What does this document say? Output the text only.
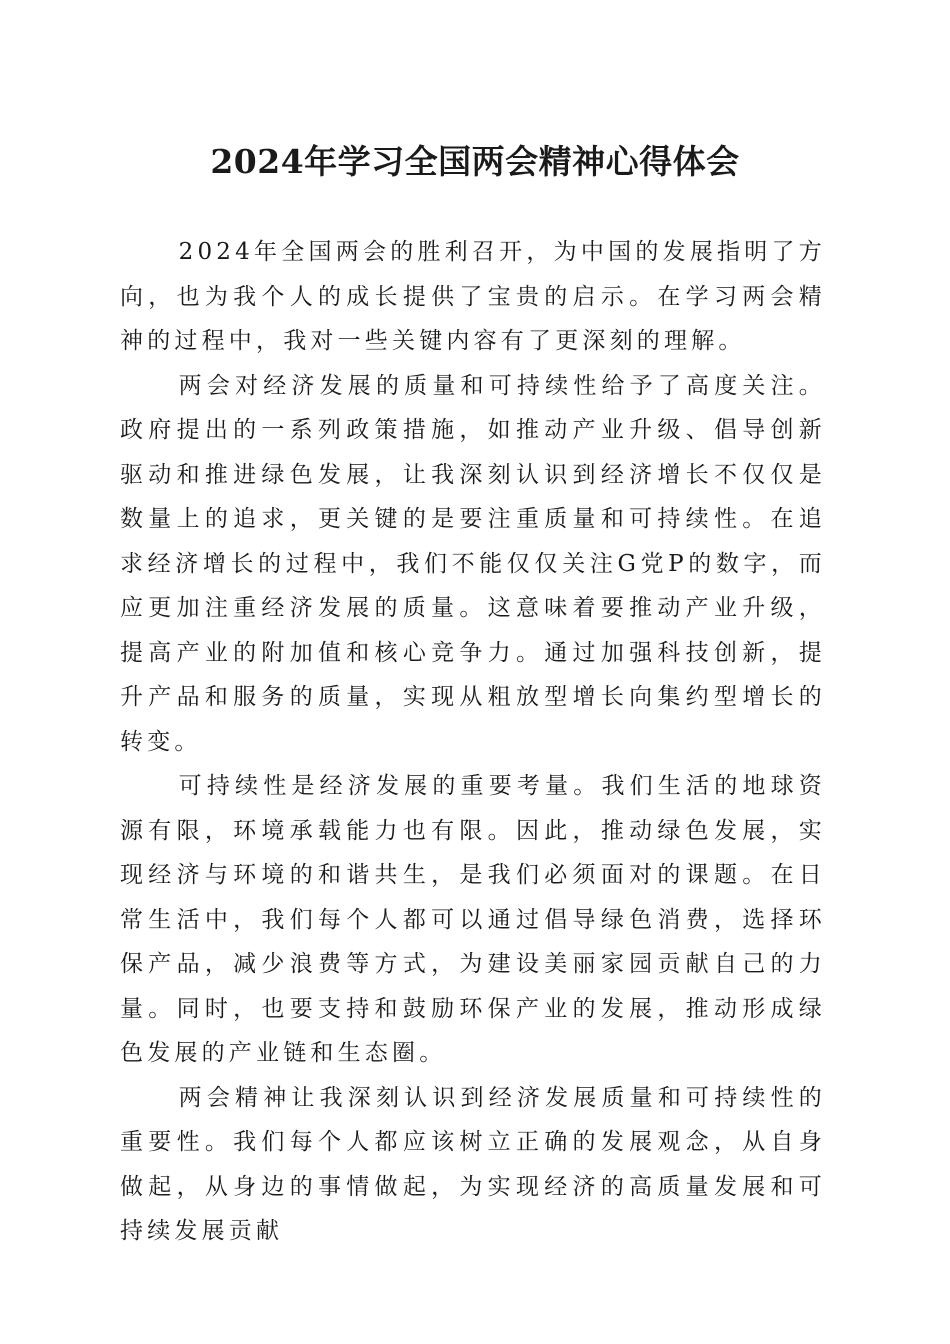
2024年学习全国两会精神心得体会

2024年全国两会的胜利召开，为中国的发展指明了方向，也为我个人的成长提供了宝贵的启示。在学习两会精神的过程中，我对一些关键内容有了更深刻的理解。

两会对经济发展的质量和可持续性给予了高度关注。政府提出的一系列政策措施，如推动产业升级、倡导创新驱动和推进绿色发展，让我深刻认识到经济增长不仅仅是数量上的追求，更关键的是要注重质量和可持续性。在追求经济增长的过程中，我们不能仅仅关注G党P的数字，而应更加注重经济发展的质量。这意味着要推动产业升级，提高产业的附加值和核心竞争力。通过加强科技创新，提升产品和服务的质量，实现从粗放型增长向集约型增长的转变。

可持续性是经济发展的重要考量。我们生活的地球资源有限，环境承载能力也有限。因此，推动绿色发展，实现经济与环境的和谐共生，是我们必须面对的课题。在日常生活中，我们每个人都可以通过倡导绿色消费，选择环保产品，减少浪费等方式，为建设美丽家园贡献自己的力量。同时，也要支持和鼓励环保产业的发展，推动形成绿色发展的产业链和生态圈。

两会精神让我深刻认识到经济发展质量和可持续性的重要性。我们每个人都应该树立正确的发展观念，从自身做起，从身边的事情做起，为实现经济的高质量发展和可持续发展贡献
